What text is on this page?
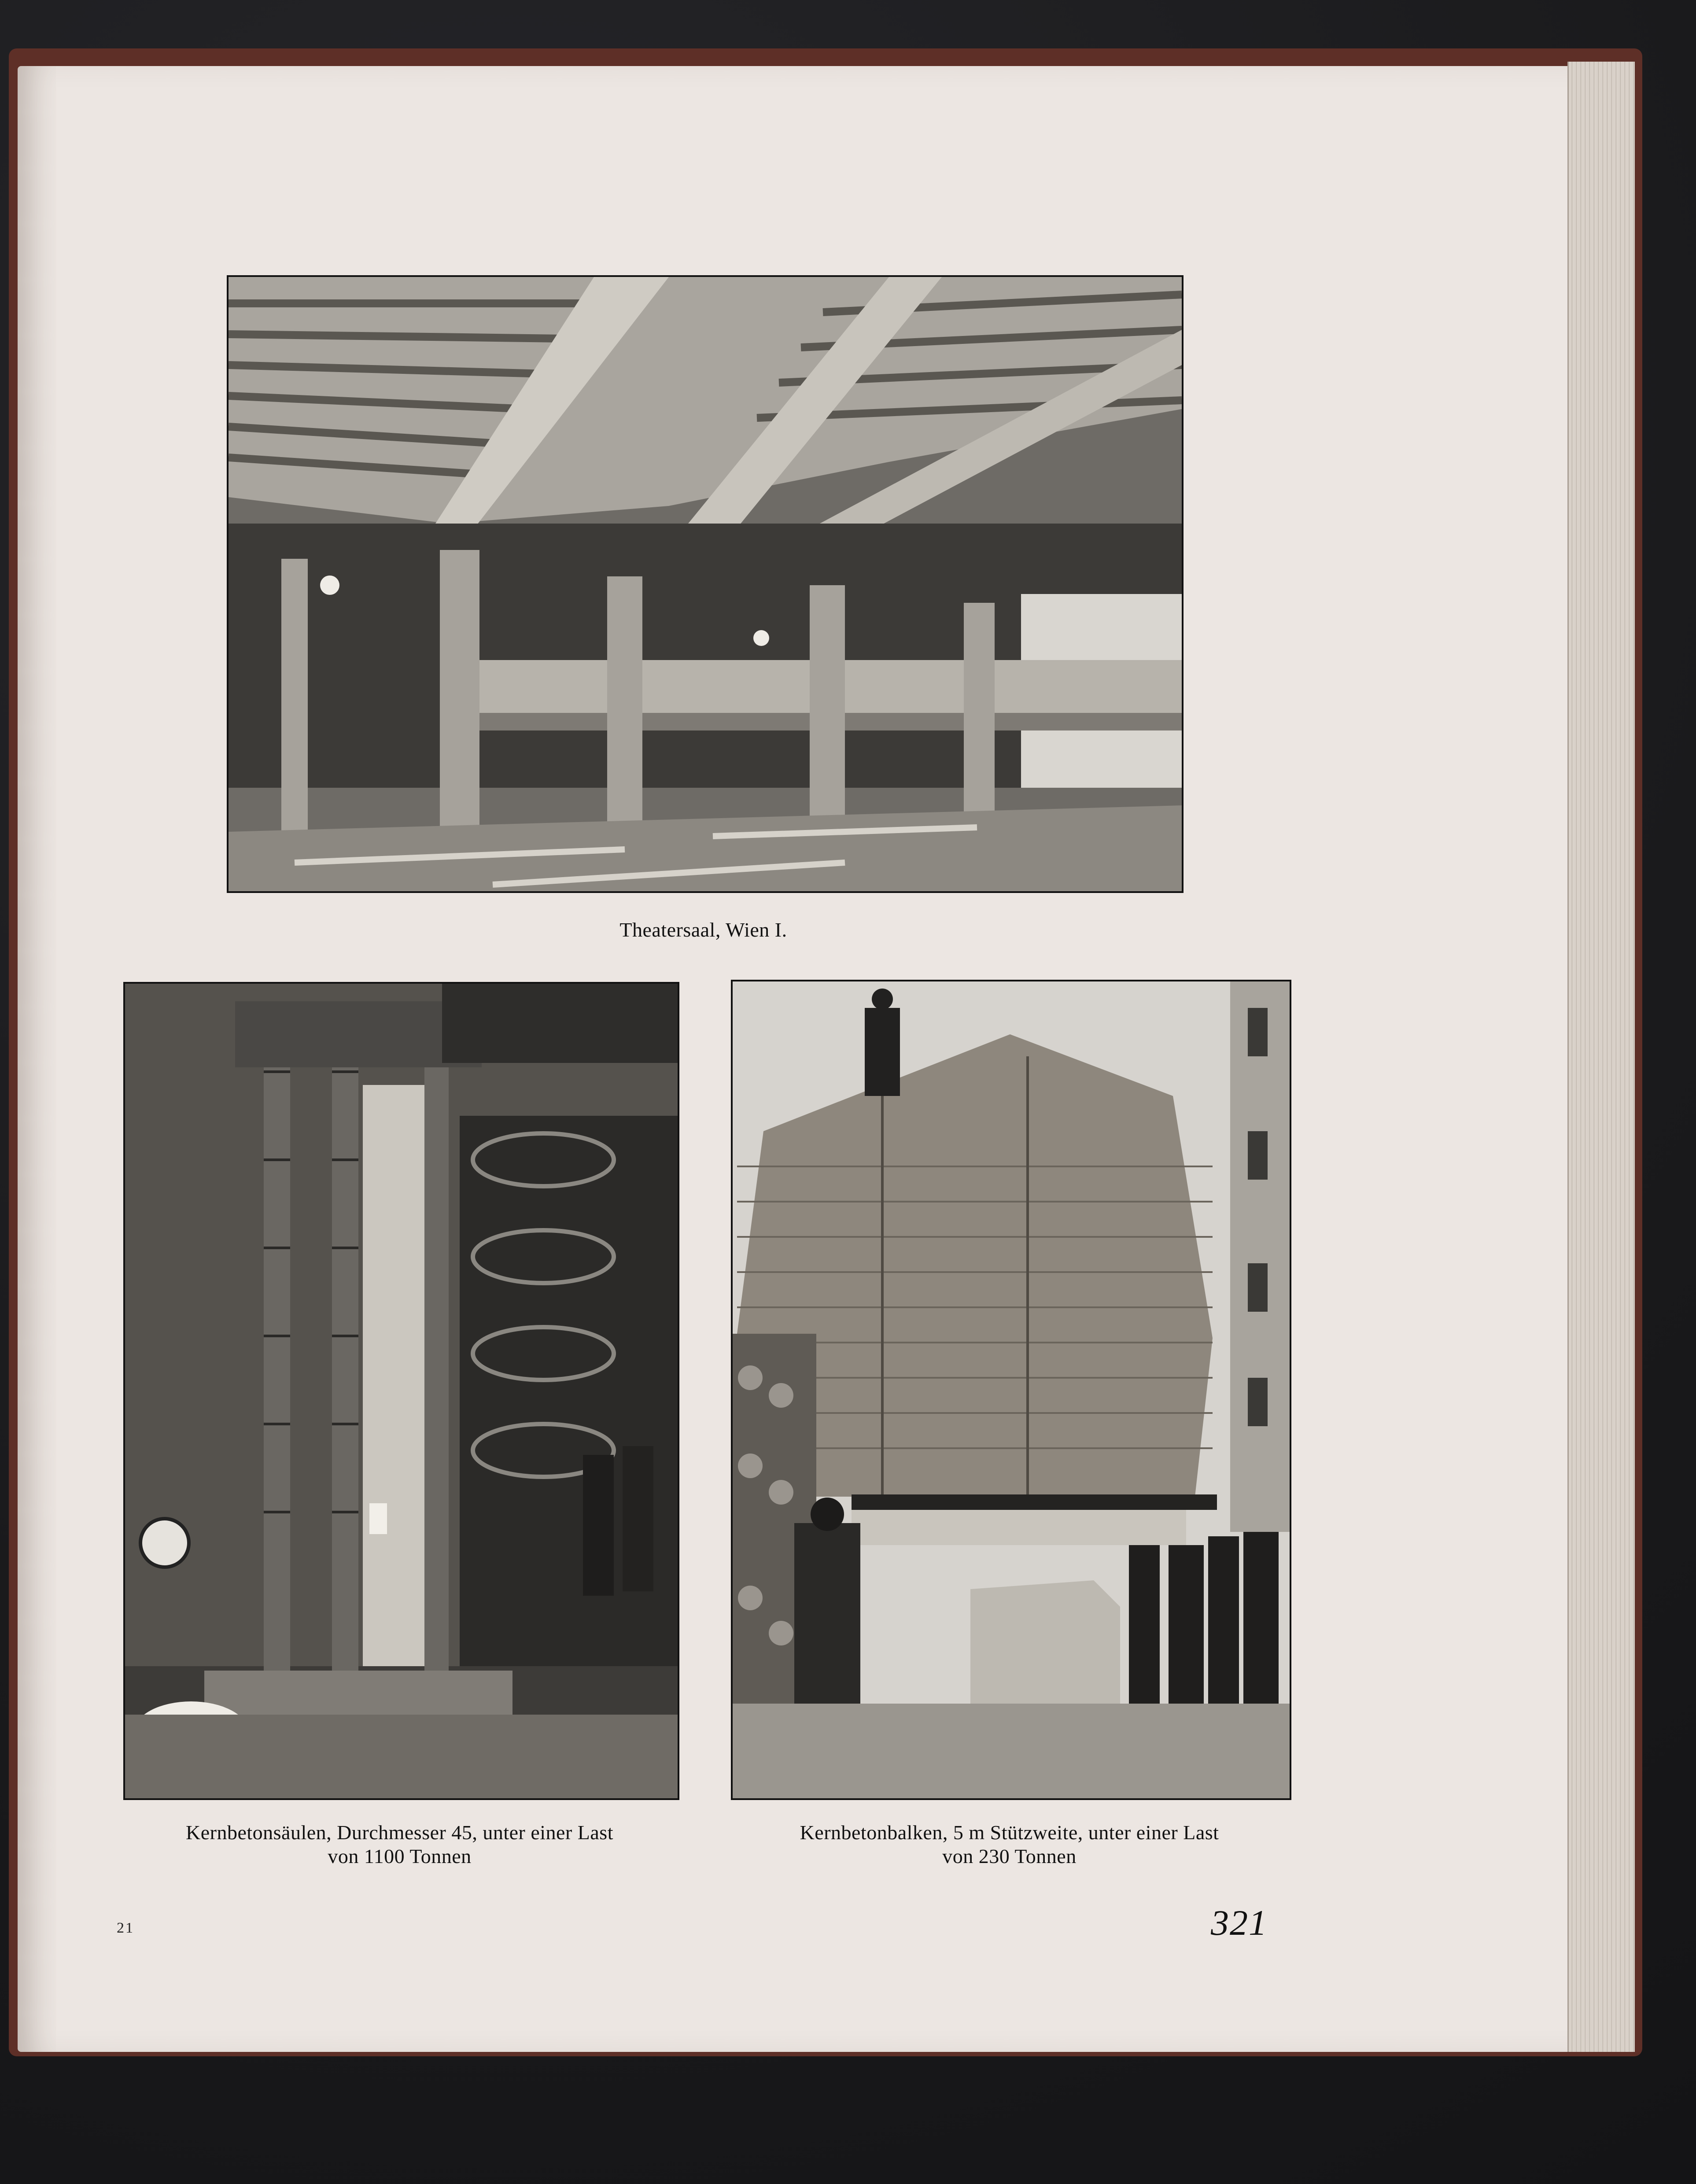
Theatersaal, Wien I.
Kernbetonsäulen, Durchmesser 45, unter einer Last
von 1100 Tonnen
Kernbetonbalken, 5 m Stützweite, unter einer Last
von 230 Tonnen
21	321
